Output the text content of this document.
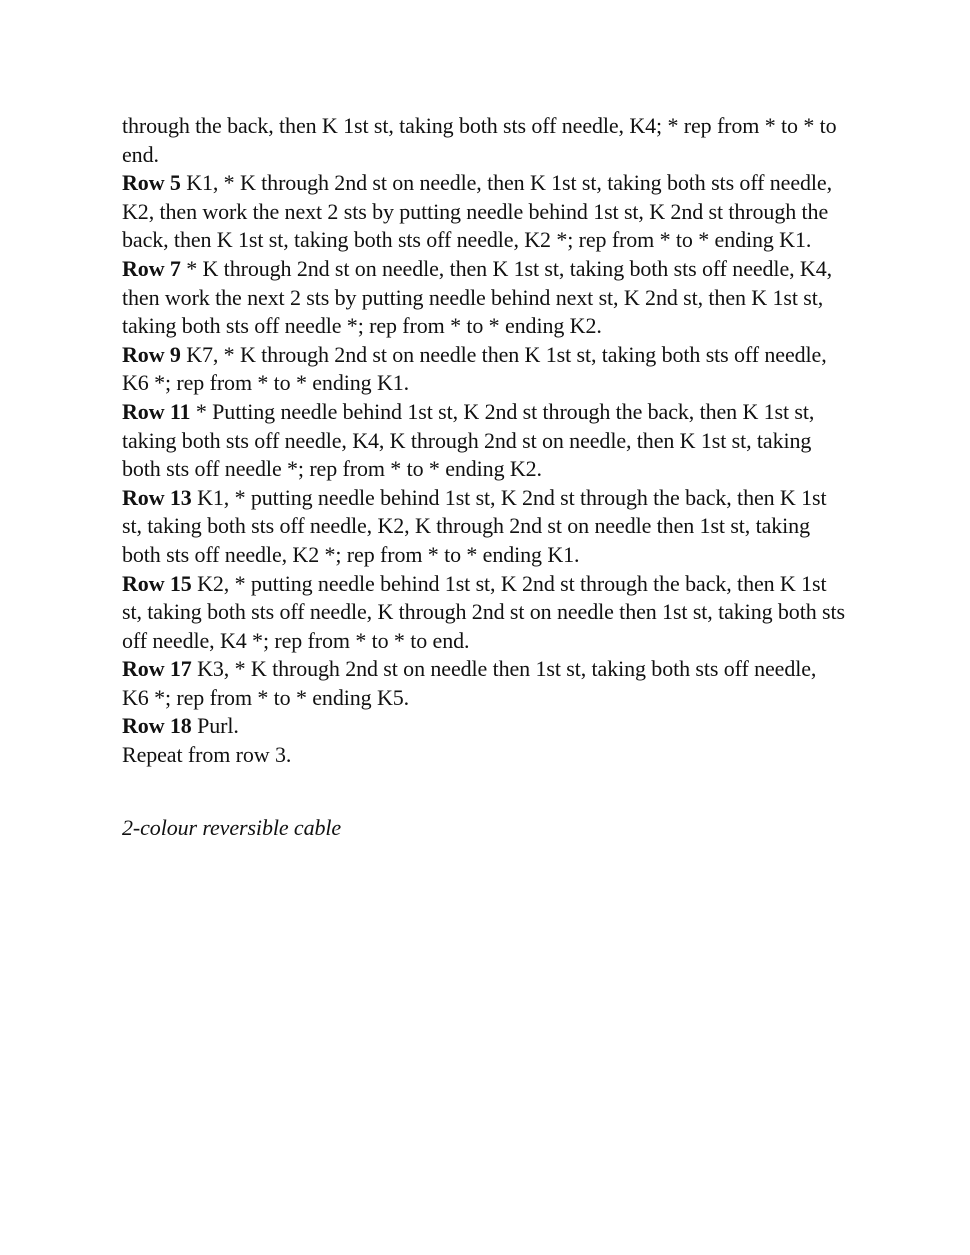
through the back, then K 1st st, taking both sts off needle, K4; * rep from * to * to end.

Row 5 K1, * K through 2nd st on needle, then K 1st st, taking both sts off needle, K2, then work the next 2 sts by putting needle behind 1st st, K 2nd st through the back, then K 1st st, taking both sts off needle, K2 *; rep from * to * ending K1.

Row 7 * K through 2nd st on needle, then K 1st st, taking both sts off needle, K4, then work the next 2 sts by putting needle behind next st, K 2nd st, then K 1st st, taking both sts off needle *; rep from * to * ending K2.

Row 9 K7, * K through 2nd st on needle then K 1st st, taking both sts off needle, K6 *; rep from * to * ending K1.

Row 11 * Putting needle behind 1st st, K 2nd st through the back, then K 1st st, taking both sts off needle, K4, K through 2nd st on needle, then K 1st st, taking both sts off needle *; rep from * to * ending K2.

Row 13 K1, * putting needle behind 1st st, K 2nd st through the back, then K 1st st, taking both sts off needle, K2, K through 2nd st on needle then 1st st, taking both sts off needle, K2 *; rep from * to * ending K1.

Row 15 K2, * putting needle behind 1st st, K 2nd st through the back, then K 1st st, taking both sts off needle, K through 2nd st on needle then 1st st, taking both sts off needle, K4 *; rep from * to * to end.

Row 17 K3, * K through 2nd st on needle then 1st st, taking both sts off needle, K6 *; rep from * to * ending K5.

Row 18 Purl.

Repeat from row 3.

2-colour reversible cable
